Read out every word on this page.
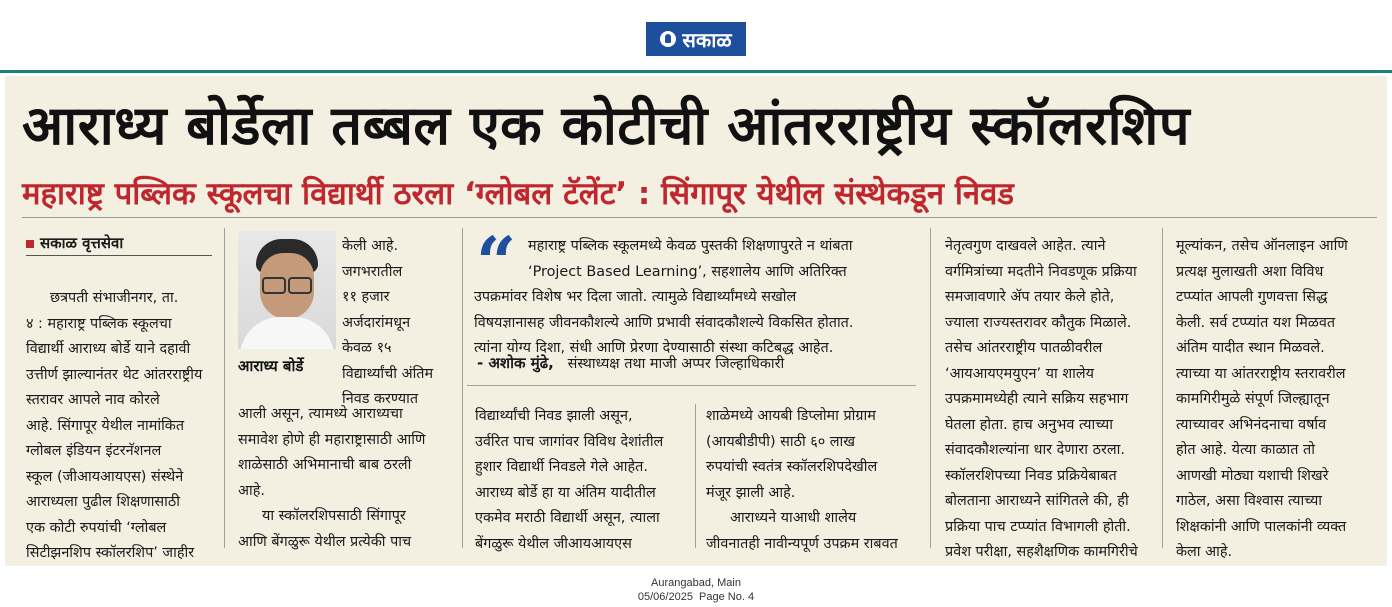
सकाळ
आराध्य बोर्डेला तब्बल एक कोटीची आंतरराष्ट्रीय स्कॉलरशिप
महाराष्ट्र पब्लिक स्कूलचा विद्यार्थी ठरला ‘ग्लोबल टॅलेंट’ : सिंगापूर येथील संस्थेकडून निवड
सकाळ वृत्तसेवा

छत्रपती संभाजीनगर, ता.

४ : महाराष्ट्र पब्लिक स्कूलचा

विद्यार्थी आराध्य बोर्डे याने दहावी

उत्तीर्ण झाल्यानंतर थेट आंतरराष्ट्रीय

स्तरावर आपले नाव कोरले

आहे. सिंगापूर येथील नामांकित

ग्लोबल इंडियन इंटरनॅशनल

स्कूल (जीआयआयएस) संस्थेने

आराध्यला पुढील शिक्षणासाठी

एक कोटी रुपयांची ‘ग्लोबल

सिटीझनशिप स्कॉलरशिप’ जाहीर

आराध्य बोर्डे

केली आहे.

जगभरातील

११ हजार

अर्जदारांमधून

केवळ १५

विद्यार्थ्यांची अंतिम

निवड करण्यात

आली असून, त्यामध्ये आराध्यचा

समावेश होणे ही महाराष्ट्रासाठी आणि

शाळेसाठी अभिमानाची बाब ठरली

आहे.

या स्कॉलरशिपसाठी सिंगापूर

आणि बेंगळुरू येथील प्रत्येकी पाच

“ महाराष्ट्र पब्लिक स्कूलमध्ये केवळ पुस्तकी शिक्षणापुरते न थांबता
‘Project Based Learning’, सहशालेय आणि अतिरिक्त
उपक्रमांवर विशेष भर दिला जातो. त्यामुळे विद्यार्थ्यांमध्ये सखोल
विषयज्ञानासह जीवनकौशल्ये आणि प्रभावी संवादकौशल्ये विकसित होतात.
त्यांना योग्य दिशा, संधी आणि प्रेरणा देण्यासाठी संस्था कटिबद्ध आहेत.
- अशोक मुंढे, संस्थाध्यक्ष तथा माजी अप्पर जिल्हाधिकारी

विद्यार्थ्यांची निवड झाली असून,

उर्वरित पाच जागांवर विविध देशांतील

हुशार विद्यार्थी निवडले गेले आहेत.

आराध्य बोर्डे हा या अंतिम यादीतील

एकमेव मराठी विद्यार्थी असून, त्याला

बेंगळुरू येथील जीआयआयएस

शाळेमध्ये आयबी डिप्लोमा प्रोग्राम

(आयबीडीपी) साठी ६० लाख

रुपयांची स्वतंत्र स्कॉलरशिपदेखील

मंजूर झाली आहे.

आराध्यने याआधी शालेय

जीवनातही नावीन्यपूर्ण उपक्रम राबवत

नेतृत्वगुण दाखवले आहेत. त्याने

वर्गमित्रांच्या मदतीने निवडणूक प्रक्रिया

समजावणारे ॲप तयार केले होते,

ज्याला राज्यस्तरावर कौतुक मिळाले.

तसेच आंतरराष्ट्रीय पातळीवरील

‘आयआयएमयुएन’ या शालेय

उपक्रमामध्येही त्याने सक्रिय सहभाग

घेतला होता. हाच अनुभव त्याच्या

संवादकौशल्यांना धार देणारा ठरला.

स्कॉलरशिपच्या निवड प्रक्रियेबाबत

बोलताना आराध्यने सांगितले की, ही

प्रक्रिया पाच टप्प्यांत विभागली होती.

प्रवेश परीक्षा, सहशैक्षणिक कामगिरीचे

मूल्यांकन, तसेच ऑनलाइन आणि

प्रत्यक्ष मुलाखती अशा विविध

टप्प्यांत आपली गुणवत्ता सिद्ध

केली. सर्व टप्प्यांत यश मिळवत

अंतिम यादीत स्थान मिळवले.

त्याच्या या आंतरराष्ट्रीय स्तरावरील

कामगिरीमुळे संपूर्ण जिल्ह्यातून

त्याच्यावर अभिनंदनाचा वर्षाव

होत आहे. येत्या काळात तो

आणखी मोठ्या यशाची शिखरे

गाठेल, असा विश्वास त्याच्या

शिक्षकांनी आणि पालकांनी व्यक्त

केला आहे.

Aurangabad, Main
05/06/2025  Page No. 4
